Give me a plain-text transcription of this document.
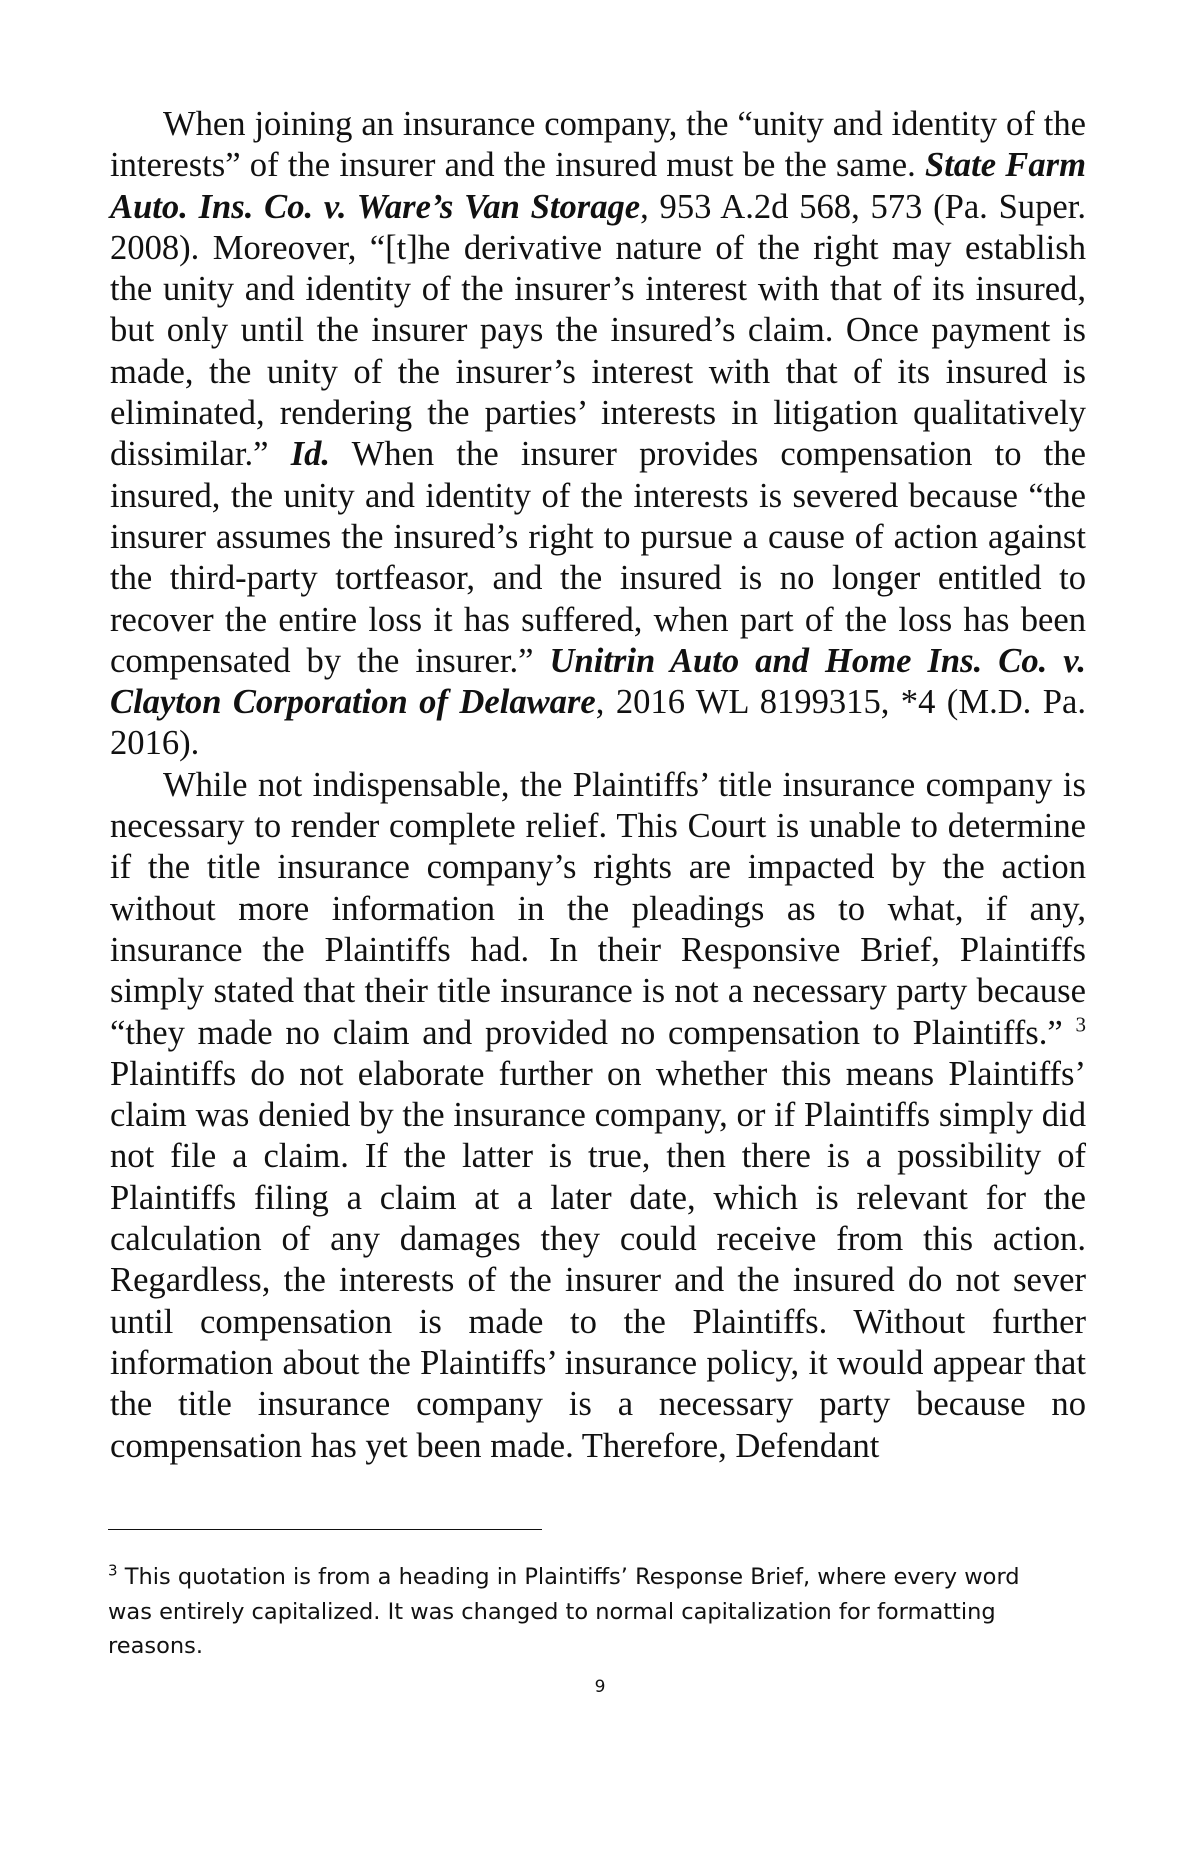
When joining an insurance company, the “unity and identity of the interests” of the insurer and the insured must be the same. State Farm Auto. Ins. Co. v. Ware’s Van Storage, 953 A.2d 568, 573 (Pa. Super. 2008). Moreover, “[t]he derivative nature of the right may establish the unity and identity of the insurer’s interest with that of its insured, but only until the insurer pays the insured’s claim. Once payment is made, the unity of the insurer’s interest with that of its insured is eliminated, rendering the parties’ interests in litigation qualitatively dissimilar.” Id. When the insurer provides compensation to the insured, the unity and identity of the interests is severed because “the insurer assumes the insured’s right to pursue a cause of action against the third-party tortfeasor, and the insured is no longer entitled to recover the entire loss it has suffered, when part of the loss has been compensated by the insurer.” Unitrin Auto and Home Ins. Co. v. Clayton Corporation of Delaware, 2016 WL 8199315, *4 (M.D. Pa. 2016).

While not indispensable, the Plaintiffs’ title insurance company is necessary to render complete relief. This Court is unable to determine if the title insurance company’s rights are impacted by the action without more information in the pleadings as to what, if any, insurance the Plaintiffs had. In their Responsive Brief, Plaintiffs simply stated that their title insurance is not a necessary party because “they made no claim and provided no compensation to Plaintiffs.” $^3$ Plaintiffs do not elaborate further on whether this means Plaintiffs’ claim was denied by the insurance company, or if Plaintiffs simply did not file a claim. If the latter is true, then there is a possibility of Plaintiffs filing a claim at a later date, which is relevant for the calculation of any damages they could receive from this action. Regardless, the interests of the insurer and the insured do not sever until compensation is made to the Plaintiffs. Without further information about the Plaintiffs’ insurance policy, it would appear that the title insurance company is a necessary party because no compensation has yet been made. Therefore, Defendant

$^3$ This quotation is from a heading in Plaintiffs’ Response Brief, where every word was entirely capitalized. It was changed to normal capitalization for formatting reasons.
9
